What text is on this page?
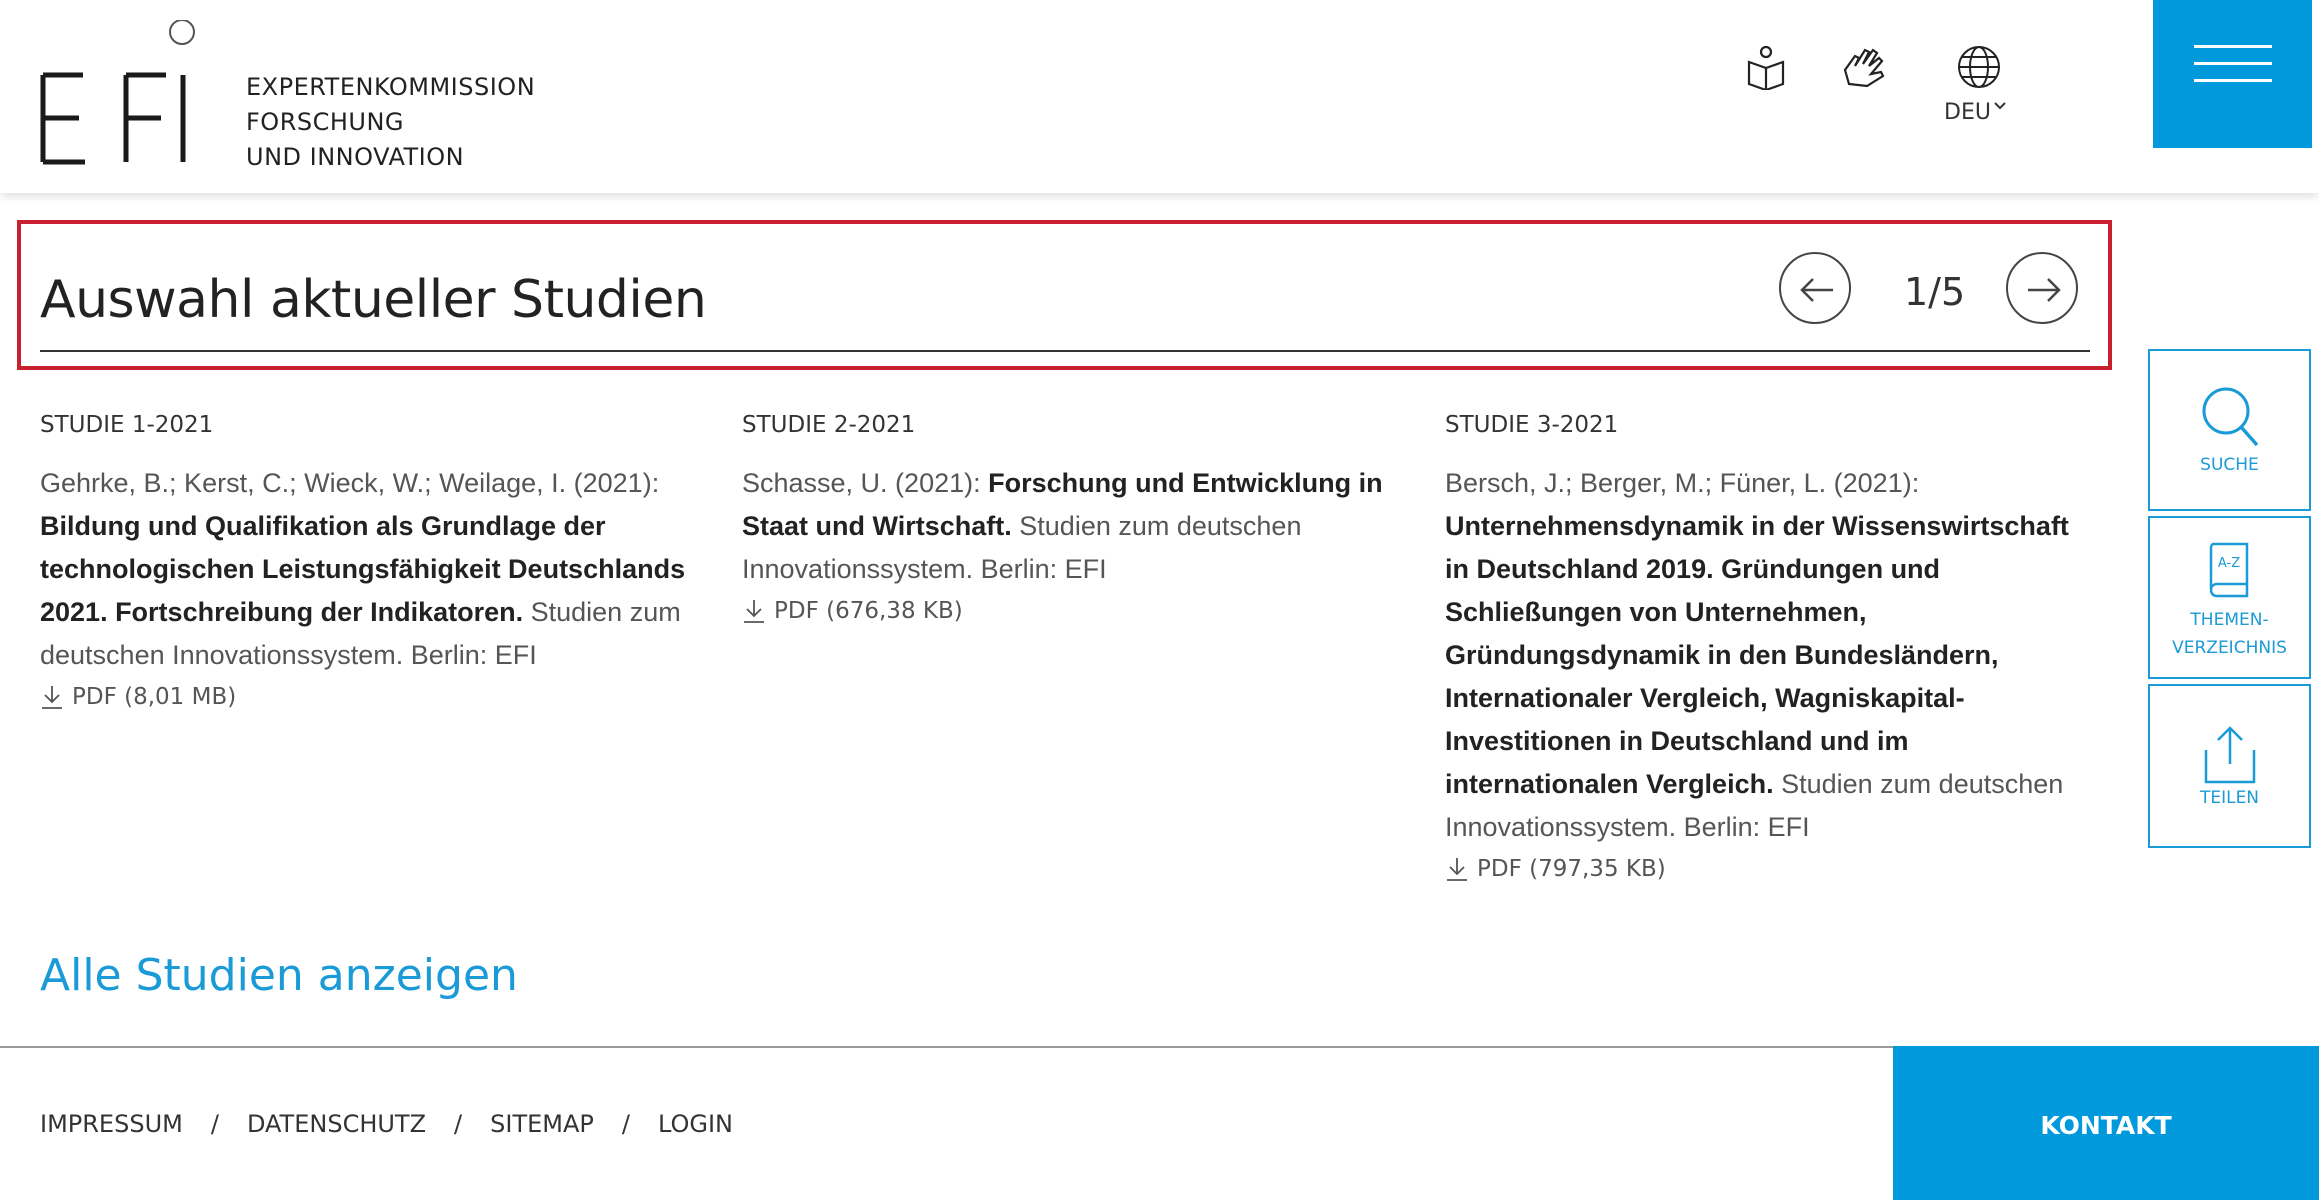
EXPERTENKOMMISSION
FORSCHUNG
UND INNOVATION
DEU
Auswahl aktueller Studien	1/5
STUDIE 1-2021
Gehrke, B.; Kerst, C.; Wieck, W.; Weilage, I. (2021): Bildung und Qualifikation als Grundlage der technologischen Leistungsfähigkeit Deutschlands 2021. Fortschreibung der Indikatoren. Studien zum deutschen Innovationssystem. Berlin: EFI
PDF (8,01 MB)
STUDIE 2-2021
Schasse, U. (2021): Forschung und Entwicklung in Staat und Wirtschaft. Studien zum deutschen Innovationssystem. Berlin: EFI
PDF (676,38 KB)
STUDIE 3-2021
Bersch, J.; Berger, M.; Füner, L. (2021): Unternehmensdynamik in der Wissenswirtschaft in Deutschland 2019. Gründungen und Schließungen von Unternehmen, Gründungsdynamik in den Bundesländern, Internationaler Vergleich, Wagniskapital-Investitionen in Deutschland und im internationalen Vergleich. Studien zum deutschen Innovationssystem. Berlin: EFI
PDF (797,35 KB)
Alle Studien anzeigen
SUCHE
A-Z
THEMEN-
VERZEICHNIS
TEILEN
IMPRESSUM / DATENSCHUTZ / SITEMAP / LOGIN	KONTAKT
